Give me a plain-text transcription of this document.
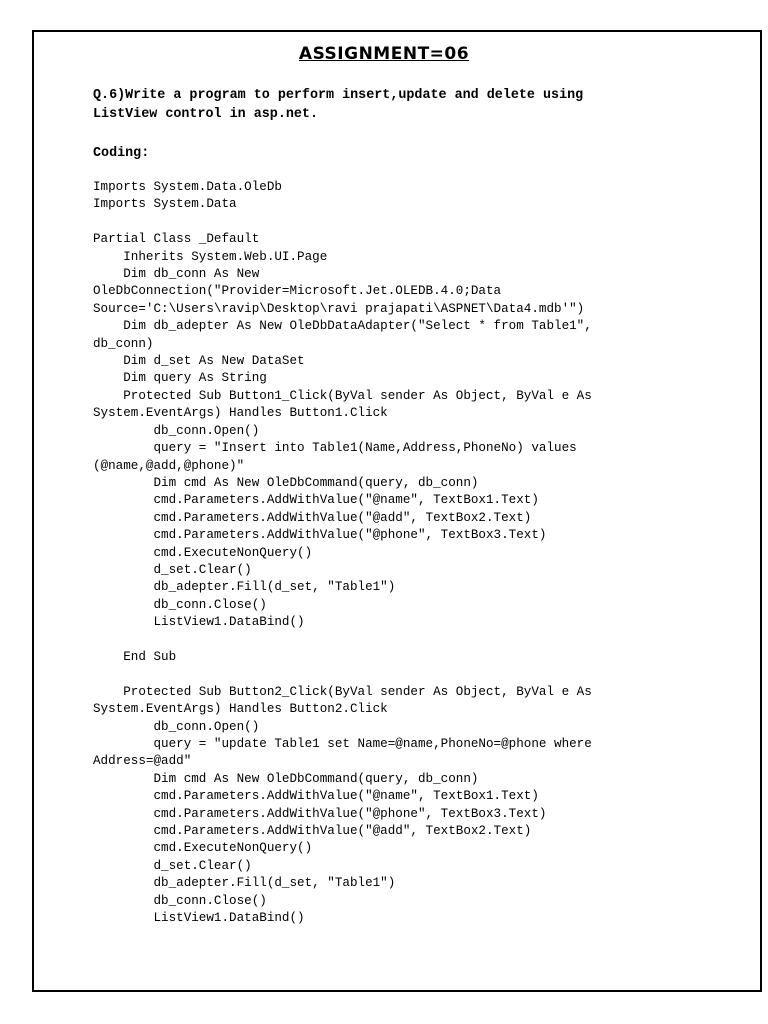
ASSIGNMENT=06
Q.6)Write a program to perform insert,update and delete using
ListView control in asp.net.
Coding:
Imports System.Data.OleDb
Imports System.Data
Partial Class _Default
Inherits System.Web.UI.Page
Dim db_conn As New
OleDbConnection("Provider=Microsoft.Jet.OLEDB.4.0;Data
Source='C:\Users\ravip\Desktop\ravi prajapati\ASPNET\Data4.mdb'")
Dim db_adepter As New OleDbDataAdapter("Select * from Table1",
db_conn)
Dim d_set As New DataSet
Dim query As String
Protected Sub Button1_Click(ByVal sender As Object, ByVal e As
System.EventArgs) Handles Button1.Click
db_conn.Open()
query = "Insert into Table1(Name,Address,PhoneNo) values
(@name,@add,@phone)"
Dim cmd As New OleDbCommand(query, db_conn)
cmd.Parameters.AddWithValue("@name", TextBox1.Text)
cmd.Parameters.AddWithValue("@add", TextBox2.Text)
cmd.Parameters.AddWithValue("@phone", TextBox3.Text)
cmd.ExecuteNonQuery()
d_set.Clear()
db_adepter.Fill(d_set, "Table1")
db_conn.Close()
ListView1.DataBind()
End Sub
Protected Sub Button2_Click(ByVal sender As Object, ByVal e As
System.EventArgs) Handles Button2.Click
db_conn.Open()
query = "update Table1 set Name=@name,PhoneNo=@phone where
Address=@add"
Dim cmd As New OleDbCommand(query, db_conn)
cmd.Parameters.AddWithValue("@name", TextBox1.Text)
cmd.Parameters.AddWithValue("@phone", TextBox3.Text)
cmd.Parameters.AddWithValue("@add", TextBox2.Text)
cmd.ExecuteNonQuery()
d_set.Clear()
db_adepter.Fill(d_set, "Table1")
db_conn.Close()
ListView1.DataBind()
